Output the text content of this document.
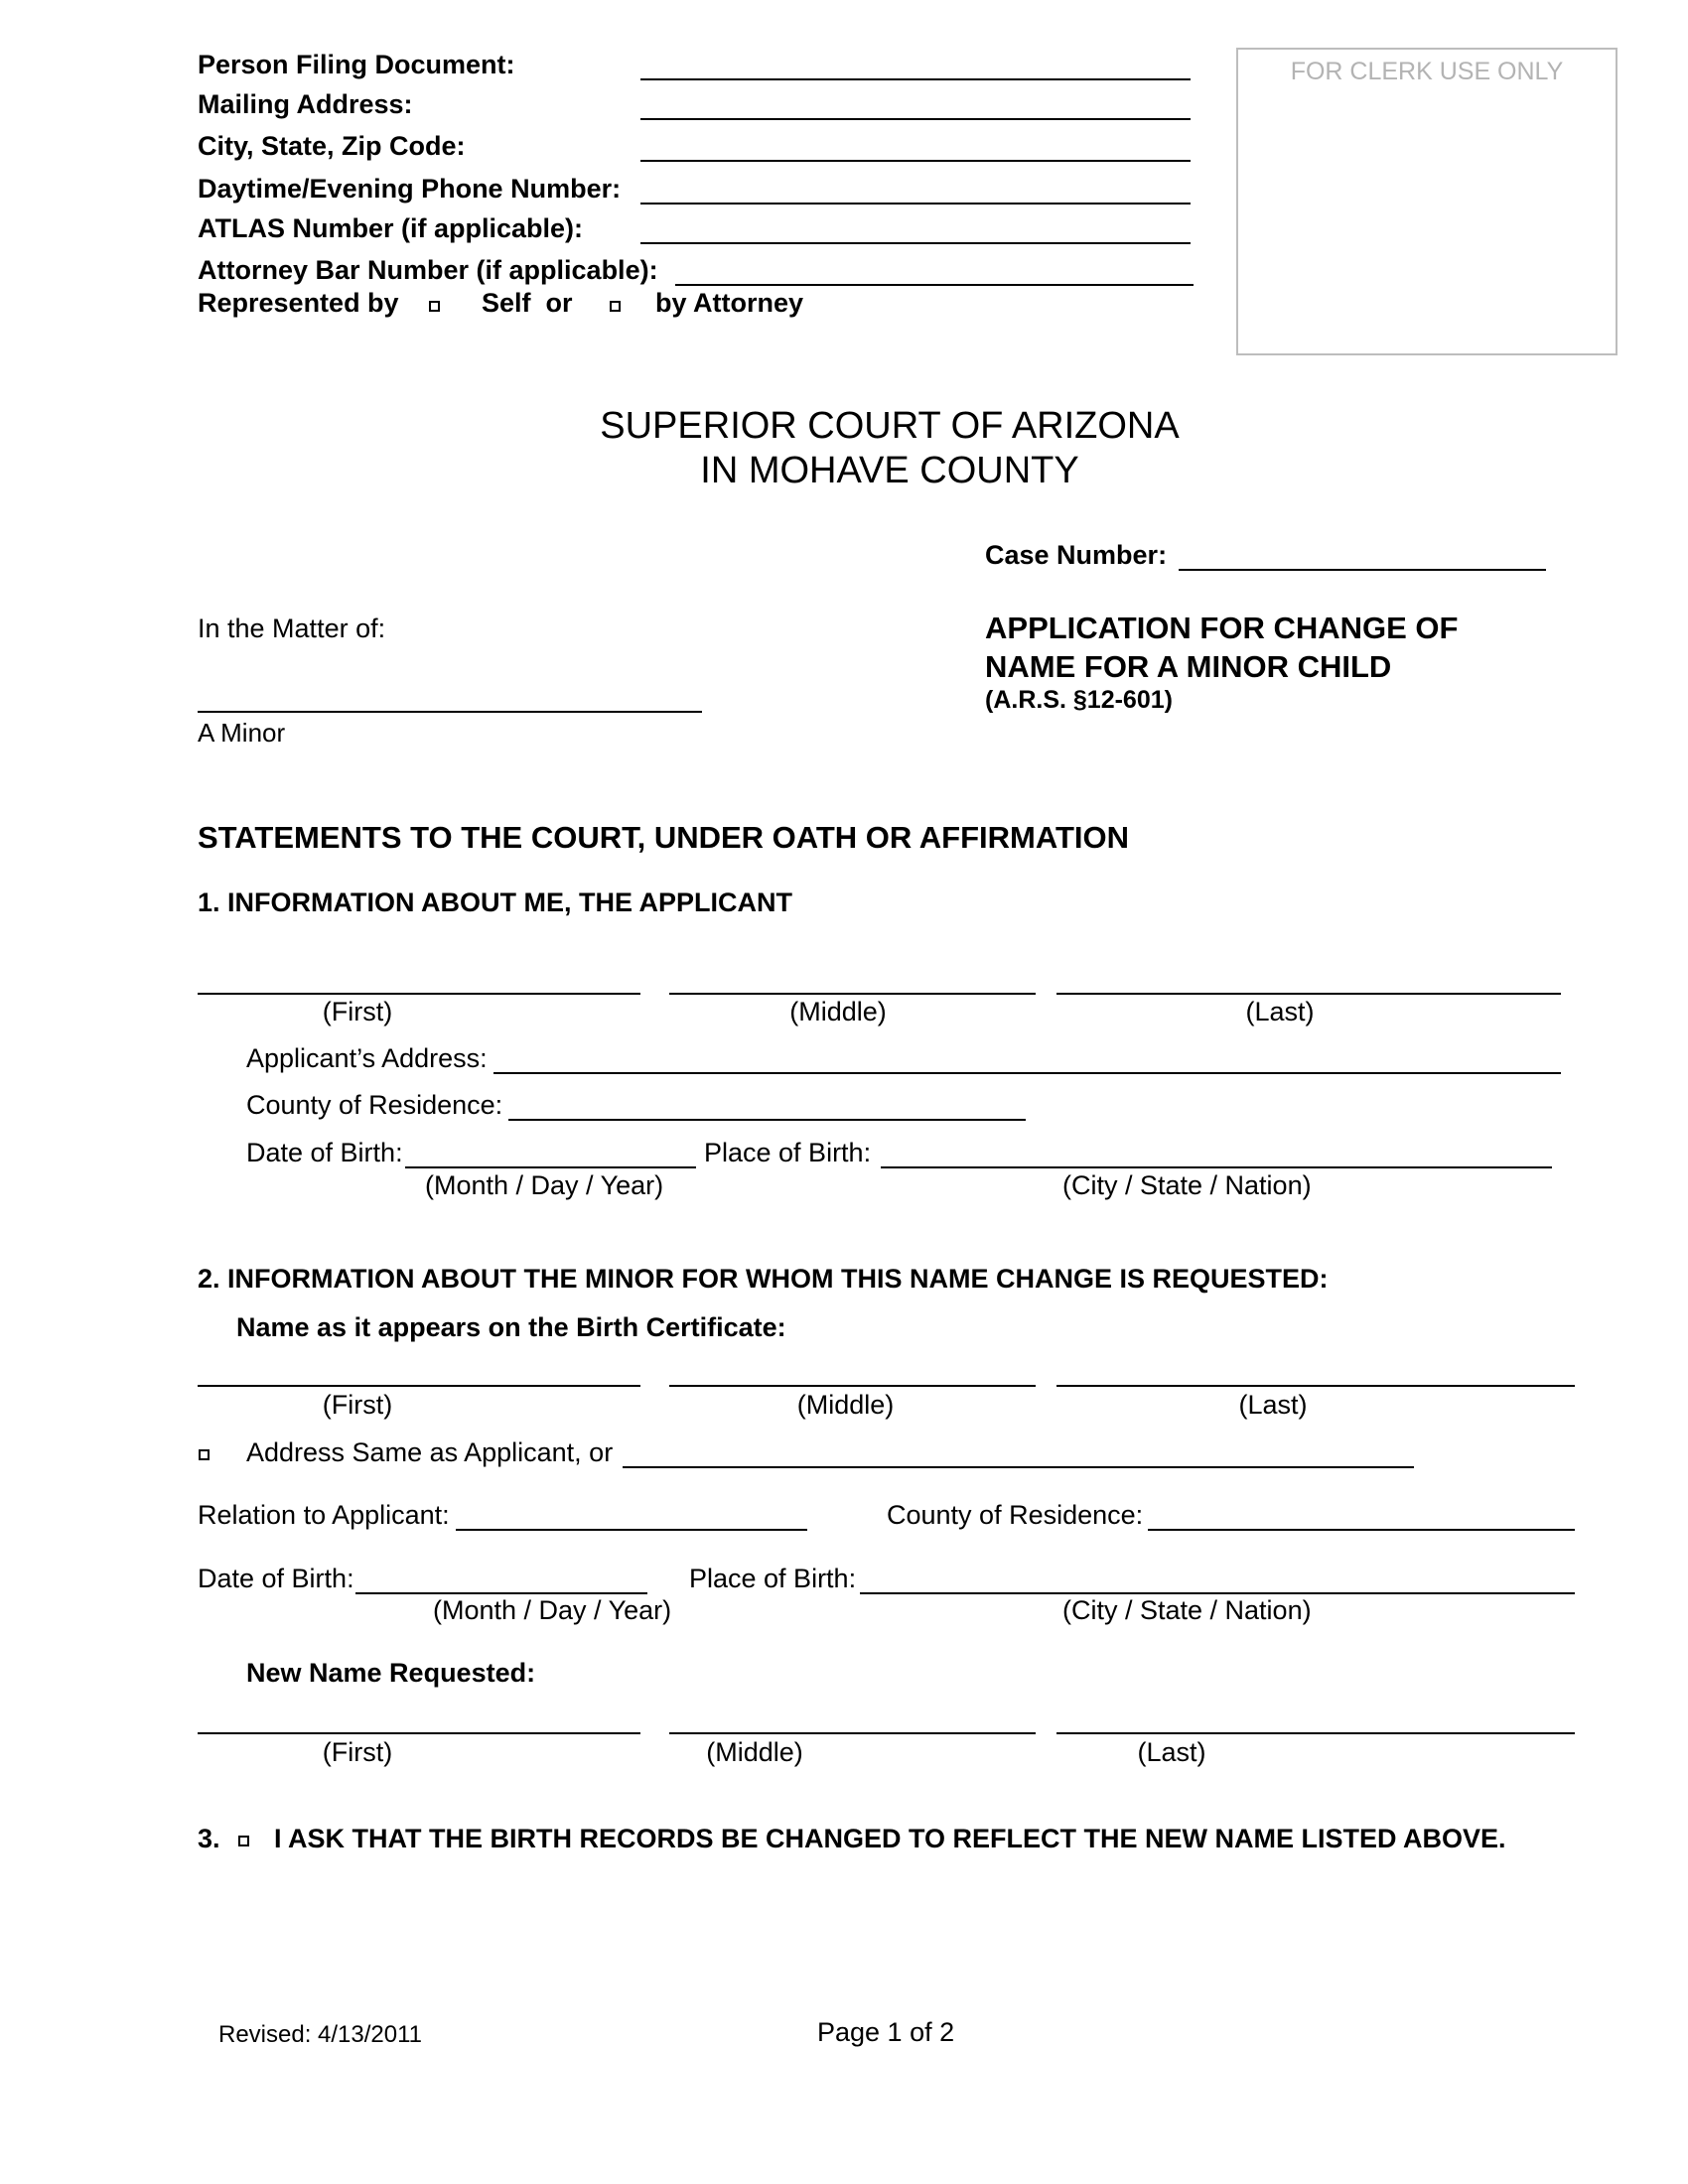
Person Filing Document:
Mailing Address:
City, State, Zip Code:
Daytime/Evening Phone Number:
ATLAS Number (if applicable):
Attorney Bar Number (if applicable):
Represented by	Self  or	by Attorney
FOR CLERK USE ONLY
SUPERIOR COURT OF ARIZONA
IN MOHAVE COUNTY
Case Number:
In the Matter of:
A Minor
APPLICATION FOR CHANGE OF
NAME FOR A MINOR CHILD
(A.R.S. §12-601)
STATEMENTS TO THE COURT, UNDER OATH OR AFFIRMATION
1. INFORMATION ABOUT ME, THE APPLICANT
(First)	(Middle)	(Last)
Applicant’s Address:
County of Residence:
Date of Birth:	Place of Birth:
(Month / Day / Year)	(City / State / Nation)
2. INFORMATION ABOUT THE MINOR FOR WHOM THIS NAME CHANGE IS REQUESTED:
Name as it appears on the Birth Certificate:
(First)	(Middle)	(Last)
Address Same as Applicant, or
Relation to Applicant:	County of Residence:
Date of Birth:	Place of Birth:
(Month / Day / Year)	(City / State / Nation)
New Name Requested:
(First)	(Middle)	(Last)
3. I ASK THAT THE BIRTH RECORDS BE CHANGED TO REFLECT THE NEW NAME LISTED ABOVE.
Revised: 4/13/2011	Page 1 of 2
